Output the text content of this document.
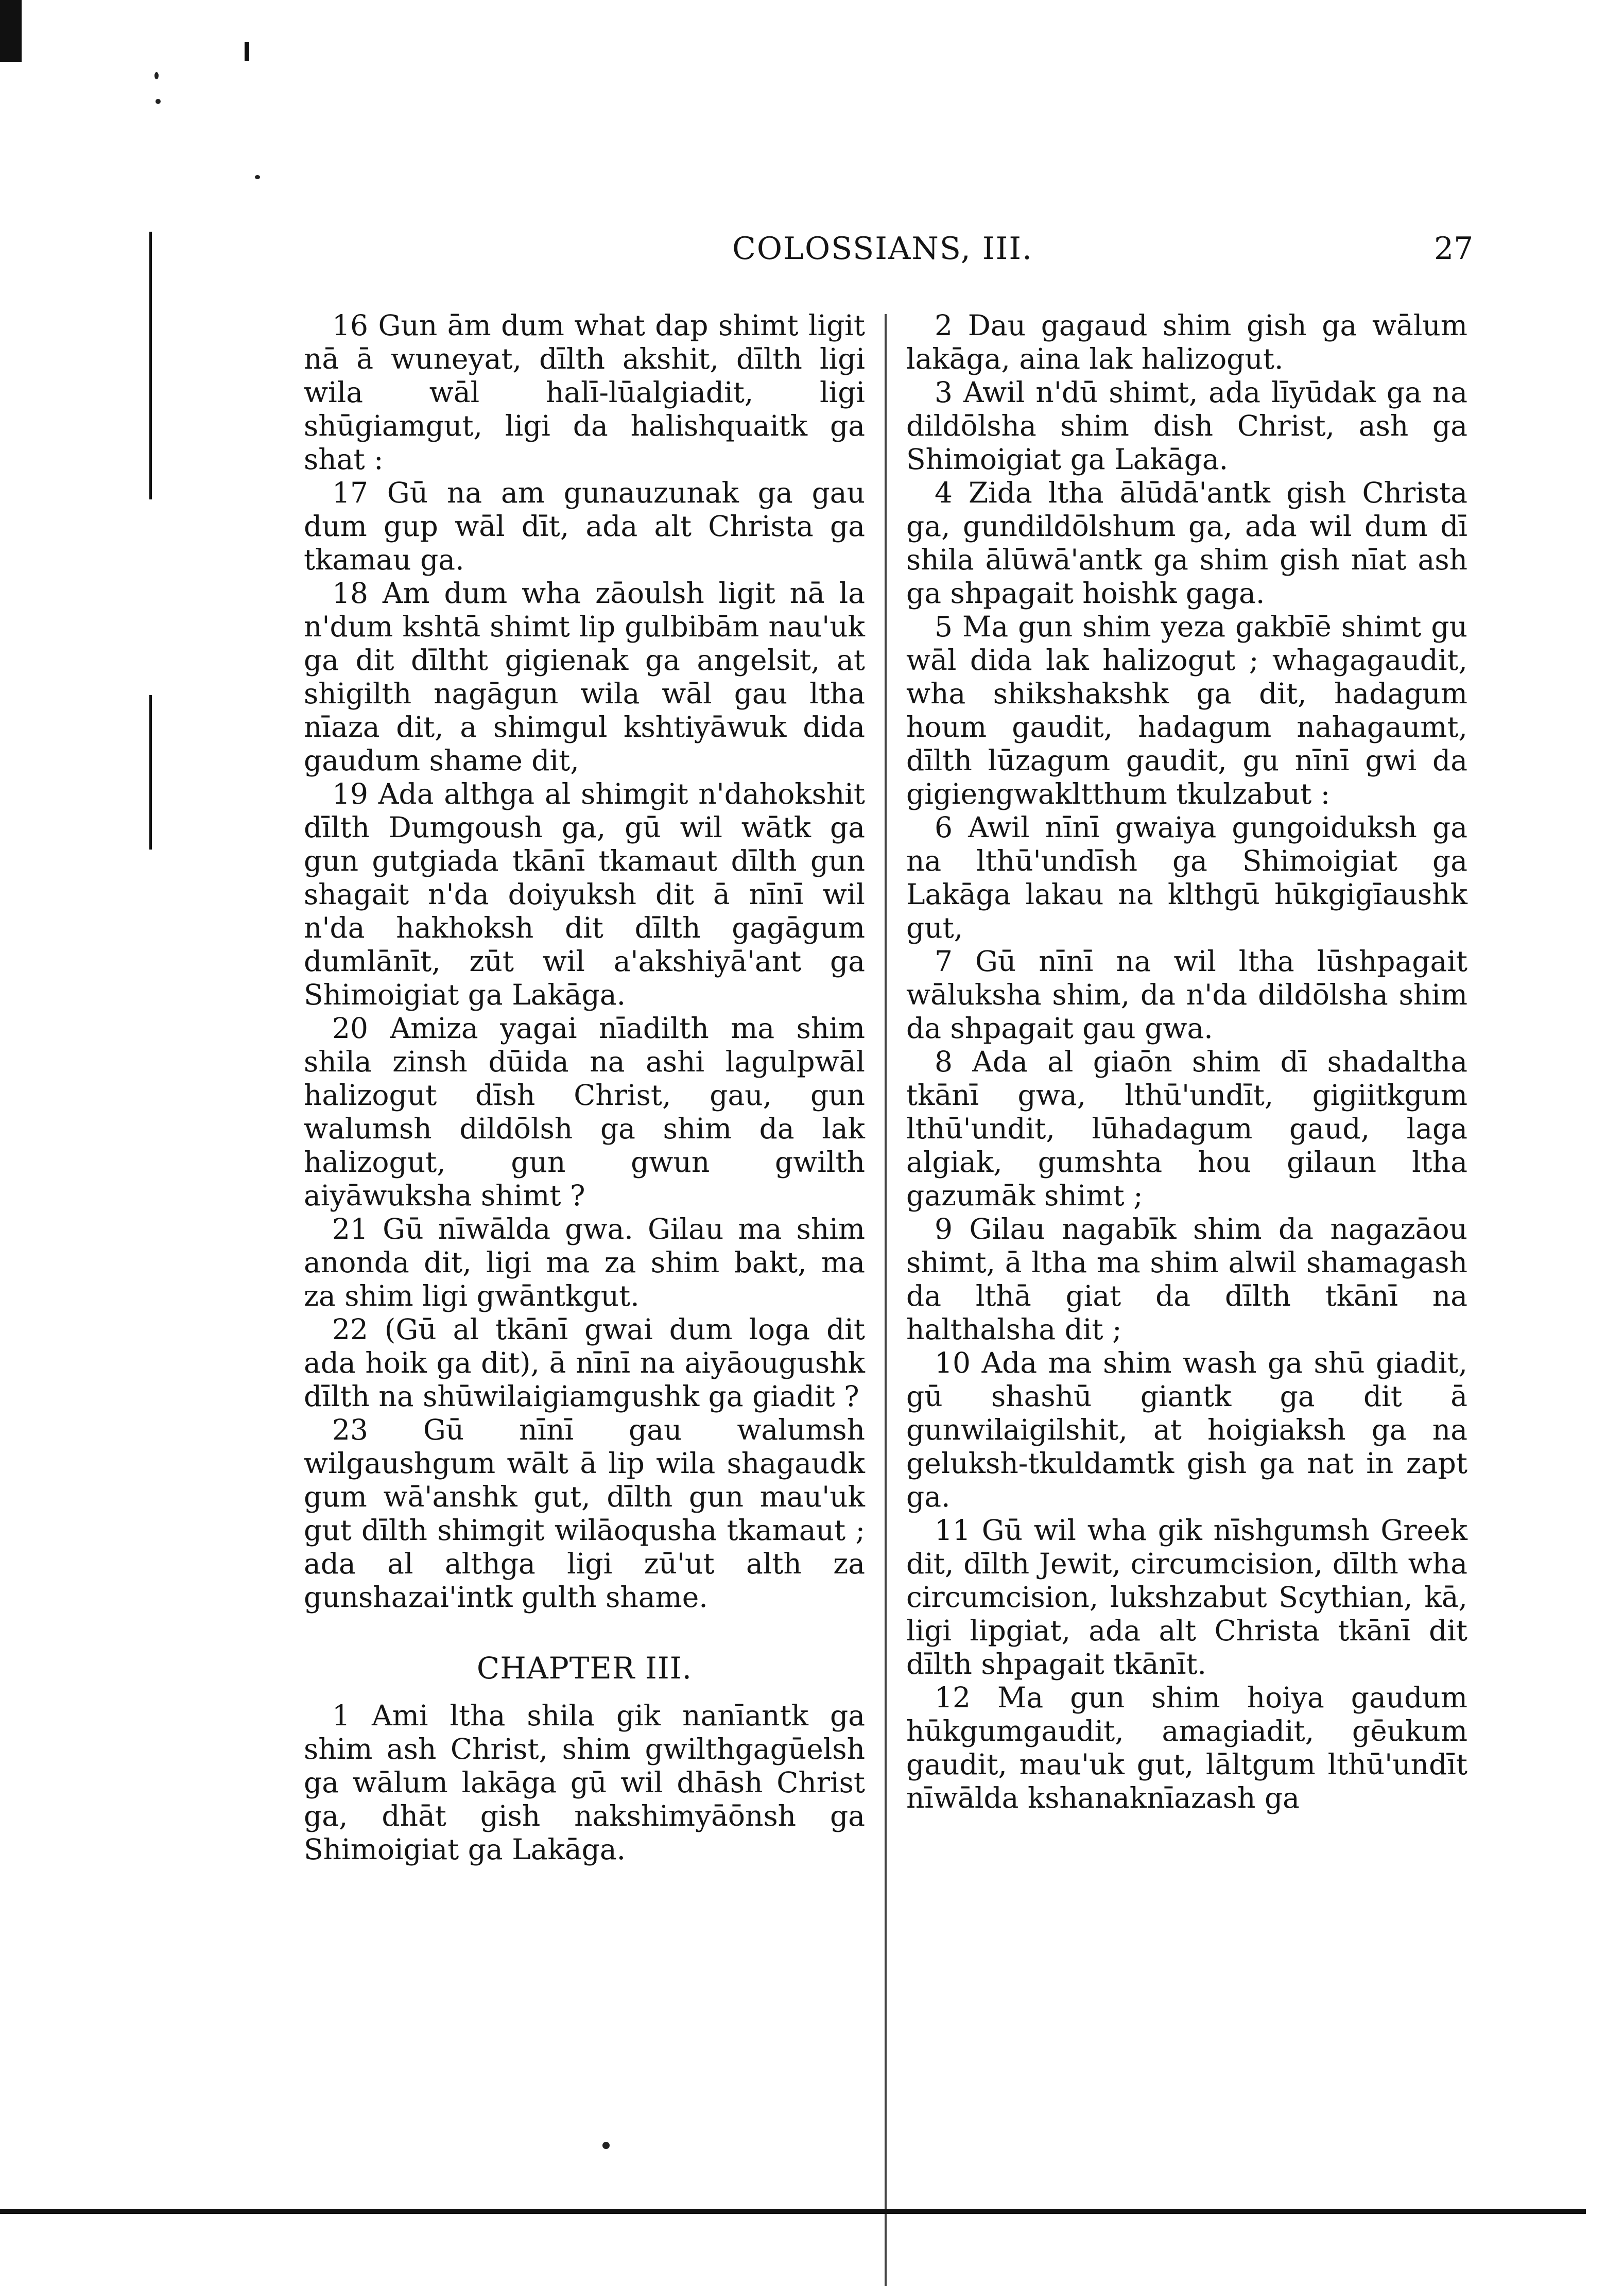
COLOSSIANS, III.	27

16 Gun ām dum what dap shimt ligit nā ā wuneyat, dīlth akshit, dīlth ligi wila wāl halī-lūalgiadit, ligi shūgiamgut, ligi da halishquaitk ga shat :

17 Gū na am gunauzunak ga gau dum gup wāl dīt, ada alt Christa ga tkamau ga.

18 Am dum wha zāoulsh ligit nā la n'dum kshtā shimt lip gulbibām nau'uk ga dit dīltht gigienak ga angelsit, at shigilth nagāgun wila wāl gau ltha nīaza dit, a shimgul kshtiyāwuk dida gaudum shame dit,

19 Ada althga al shimgit n'dahokshit dīlth Dumgoush ga, gū wil wātk ga gun gutgiada tkānī tkamaut dīlth gun shagait n'da doiyuksh dit ā nīnī wil n'da hakhoksh dit dīlth gagāgum dumlānīt, zūt wil a'akshiyā'ant ga Shimoigiat ga Lakāga.

20 Amiza yagai nīadilth ma shim shila zinsh dūida na ashi lagulpwāl halizogut dīsh Christ, gau, gun walumsh dildōlsh ga shim da lak halizogut, gun gwun gwilth aiyāwuksha shimt ?

21 Gū nīwālda gwa. Gilau ma shim anonda dit, ligi ma za shim bakt, ma za shim ligi gwāntkgut.

22 (Gū al tkānī gwai dum loga dit ada hoik ga dit), ā nīnī na aiyāougushk dīlth na shūwilaigiamgushk ga giadit ?

23 Gū nīnī gau walumsh wilgaushgum wālt ā lip wila shagaudk gum wā'anshk gut, dīlth gun mau'uk gut dīlth shimgit wilāoqusha tkamaut ; ada al althga ligi zū'ut alth za gunshazai'intk gulth shame.

CHAPTER III.

1 Ami ltha shila gik nanīantk ga shim ash Christ, shim gwilthgagūelsh ga wālum lakāga gū wil dhāsh Christ ga, dhāt gish nakshimyāōnsh ga Shimoigiat ga Lakāga.

2 Dau gagaud shim gish ga wālum lakāga, aina lak halizogut.

3 Awil n'dū shimt, ada līyūdak ga na dildōlsha shim dish Christ, ash ga Shimoigiat ga Lakāga.

4 Zida ltha ālūdā'antk gish Christa ga, gundildōlshum ga, ada wil dum dī shila ālūwā'antk ga shim gish nīat ash ga shpagait hoishk gaga.

5 Ma gun shim yeza gakbīē shimt gu wāl dida lak halizogut ; whagagaudit, wha shikshakshk ga dit, hadagum houm gaudit, hadagum nahagaumt, dīlth lūzagum gaudit, gu nīnī gwi da gigiengwakltthum tkulzabut :

6 Awil nīnī gwaiya gungoiduksh ga na lthū'undīsh ga Shimoigiat ga Lakāga lakau na klthgū hūkgigīaushk gut,

7 Gū nīnī na wil ltha lūshpagait wāluksha shim, da n'da dildōlsha shim da shpagait gau gwa.

8 Ada al giaōn shim dī shadaltha tkānī gwa, lthū'undīt, gigiitkgum lthū'undit, lūhadagum gaud, laga algiak, gumshta hou gilaun ltha gazumāk shimt ;

9 Gilau nagabīk shim da nagazāou shimt, ā ltha ma shim alwil shamagash da lthā giat da dīlth tkānī na halthalsha dit ;

10 Ada ma shim wash ga shū giadit, gū shashū giantk ga dit ā gunwilaigilshit, at hoigiaksh ga na geluksh-tkuldamtk gish ga nat in zapt ga.

11 Gū wil wha gik nīshgumsh Greek dit, dīlth Jewit, circumcision, dīlth wha circumcision, lukshzabut Scythian, kā, ligi lipgiat, ada alt Christa tkānī dit dīlth shpagait tkānīt.

12 Ma gun shim hoiya gaudum hūkgumgaudit, amagiadit, gēukum gaudit, mau'uk gut, lāltgum lthū'undīt nīwālda kshanaknīazash ga
